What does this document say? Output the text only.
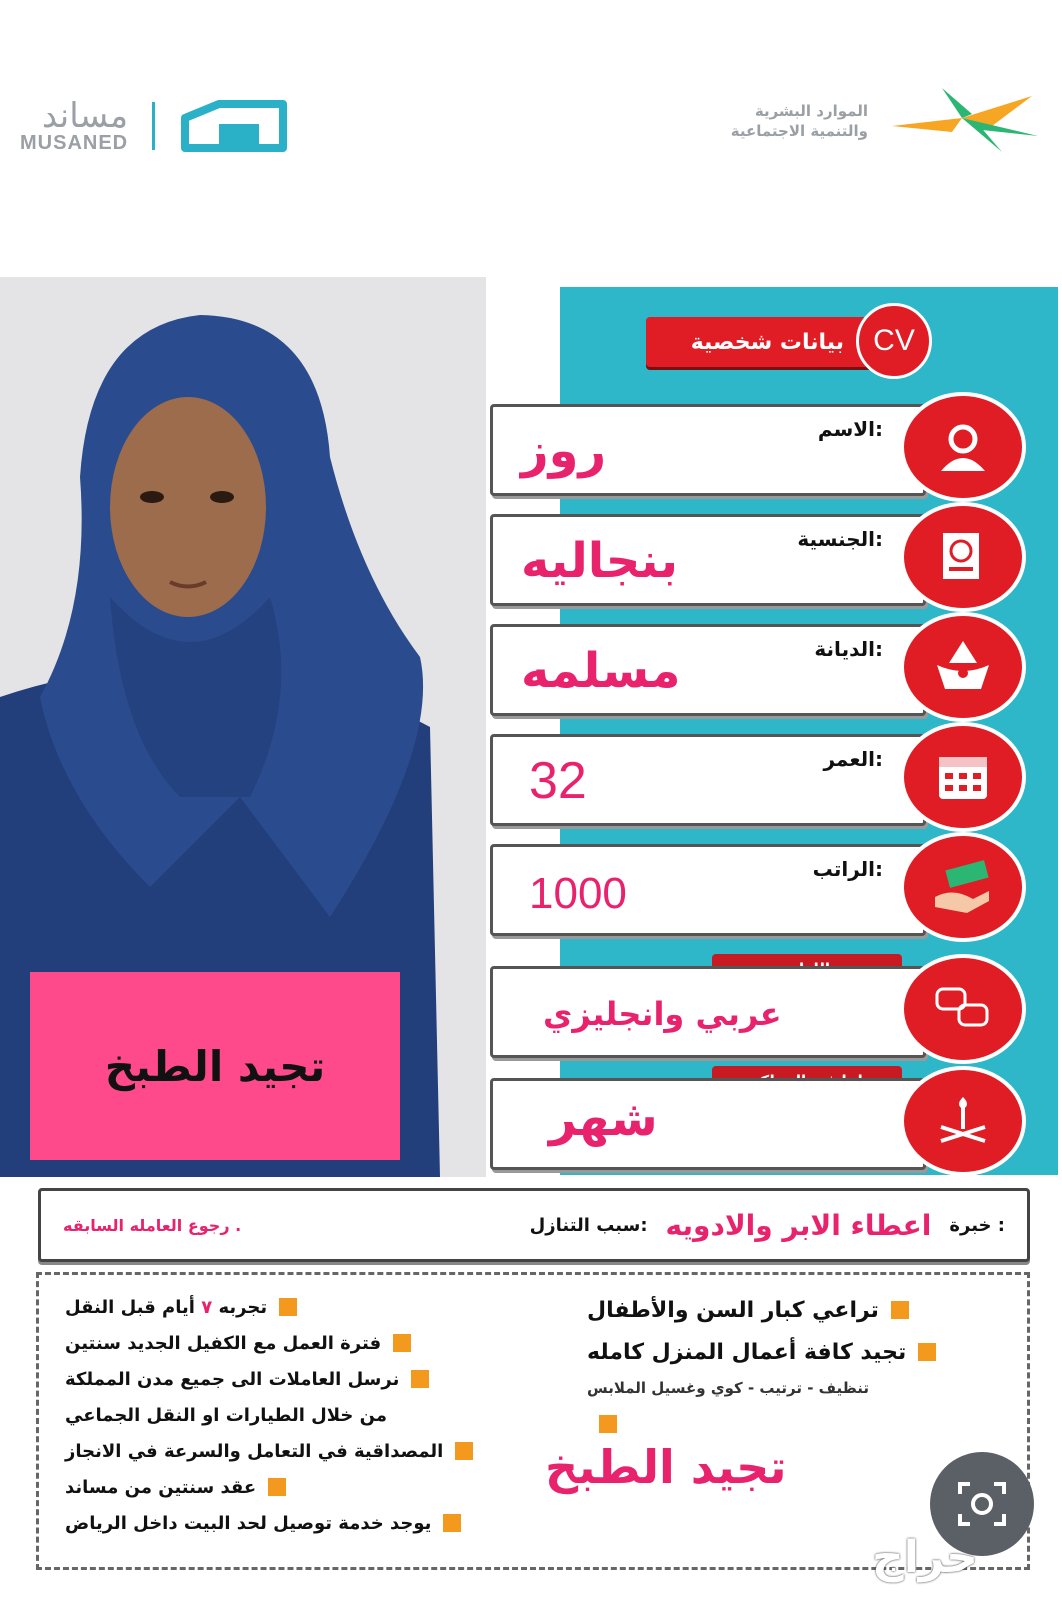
مساند
MUSANED
الموارد البشرية
والتنمية الاجتماعية
تجيد الطبخ
بيانات شخصية CV
الاسم:
روز
الجنسية:
بنجاليه
الديانة:
مسلمه
العمر:
32
الراتب:
1000
عربي وانجليزي
شهر
رجوع العامله السابقه .	سبب التنازل: اعطاء الابر والادويه خبرة :
تراعي كبار السن والأطفال
تجيد كافة أعمال المنزل كامله
تنظيف - ترتيب - كوي وغسيل الملابس
تجربه

٧

أيام قبل النقل
فترة العمل مع الكفيل الجديد سنتين
نرسل العاملات الى جميع مدن المملكة
من خلال الطيارات او النقل الجماعي
المصداقية في التعامل والسرعة في الانجاز
عقد سنتين من مساند
يوجد خدمة توصيل لحد البيت داخل الرياض
تجيد الطبخ
حراج
